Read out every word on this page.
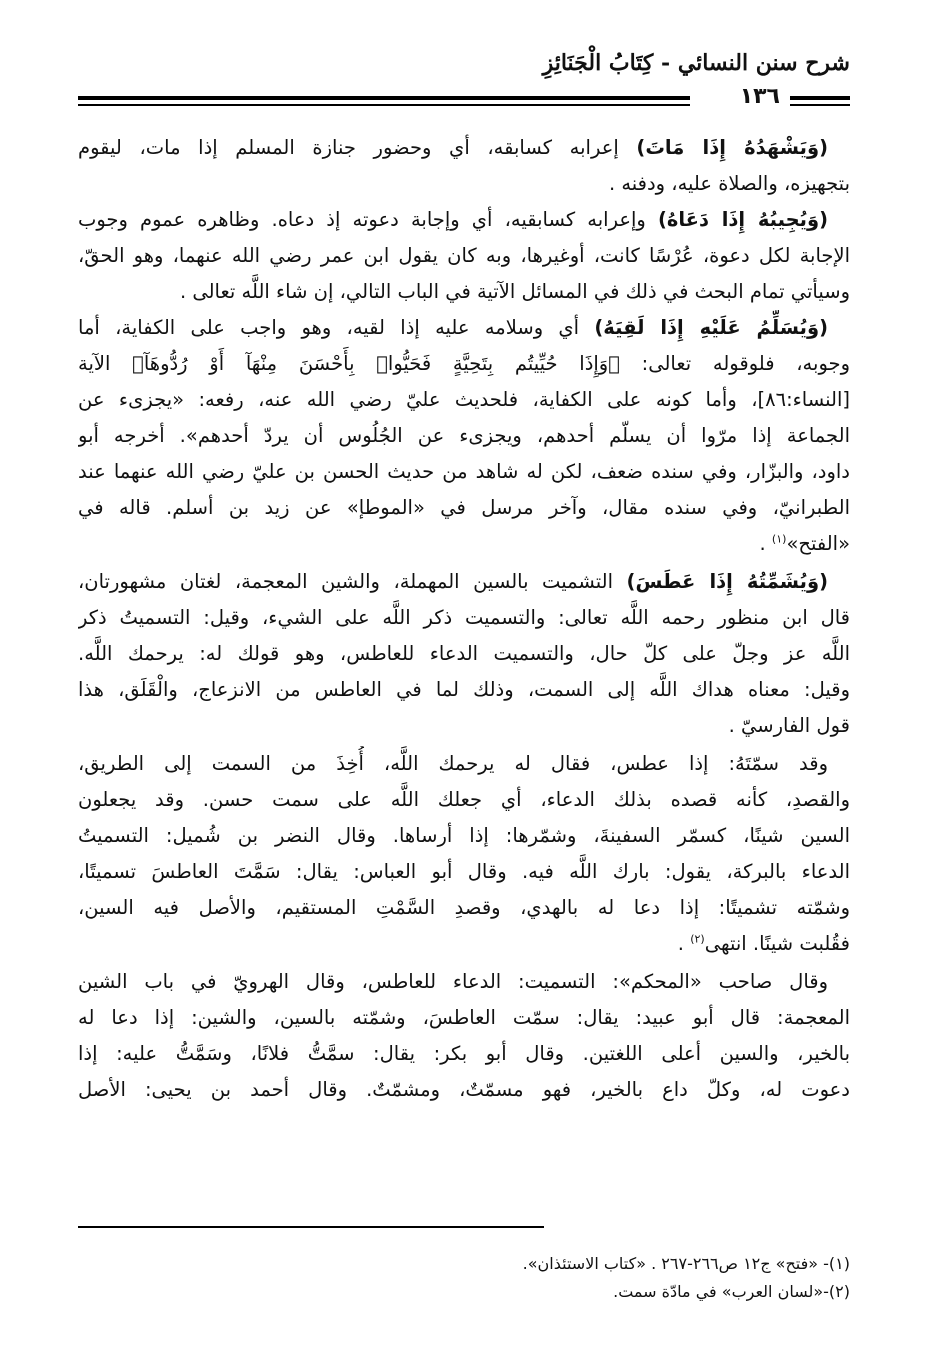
شرح سنن النسائي - كِتَابُ الْجَنَائِزِ
١٣٦
(وَيَشْهَدُهُ إِذَا مَاتَ) إعرابه كسابقه، أي وحضور جنازة المسلم إذا مات، ليقوم
بتجهيزه، والصلاة عليه، ودفنه .
(وَيُجِيبُهُ إِذَا دَعَاهُ) وإعرابه كسابقيه، أي وإجابة دعوته إذ دعاه. وظاهره عموم وجوب
الإجابة لكل دعوة، عُرْسًا كانت، أوغيرها، وبه كان يقول ابن عمر رضي الله عنهما، وهو الحقّ،
وسيأتي تمام البحث في ذلك في المسائل الآتية في الباب التالي، إن شاء اللَّه تعالى .
(وَيُسَلِّمُ عَلَيْهِ إِذَا لَقِيَهُ) أي وسلامه عليه إذا لقيه، وهو واجب على الكفاية، أما
وجوبه، فلوقوله تعالى: ﴿وَإِذَا حُيِّيتُم بِتَحِيَّةٍ فَحَيُّوا۟ بِأَحْسَنَ مِنْهَآ أَوْ رُدُّوهَآ﴾ الآية
[النساء:٨٦]، وأما كونه على الكفاية، فلحديث عليّ رضي الله عنه، رفعه: «يجزىء عن
الجماعة إذا مرّوا أن يسلّم أحدهم، ويجزىء عن الجُلُوس أن يردّ أحدهم». أخرجه أبو
داود، والبزّار، وفي سنده ضعف، لكن له شاهد من حديث الحسن بن عليّ رضي الله عنهما عند
الطبرانيّ، وفي سنده مقال، وآخر مرسل في «الموطإ» عن زيد بن أسلم. قاله في
«الفتح»$^{(١)}$ .
(وَيُشَمِّتُهُ إِذَا عَطَسَ) التشميت بالسين المهملة، والشين المعجمة، لغتان مشهورتان،
قال ابن منظور رحمه اللَّه تعالى: والتسميت ذكر اللَّه على الشيء، وقيل: التسميتُ ذكر
اللَّه عز وجلّ على كلّ حال، والتسميت الدعاء للعاطس، وهو قولك له: يرحمك اللَّه.
وقيل: معناه هداك اللَّه إلى السمت، وذلك لما في العاطس من الانزعاج، والْقَلَق، هذا
قول الفارسيّ .
وقد سمّتَهُ: إذا عطس، فقال له يرحمك اللَّه، أُخِذَ من السمت إلى الطريق،
والقصدِ، كأنه قصده بذلك الدعاء، أي جعلك اللَّه على سمت حسن. وقد يجعلون
السين شينًا، كسمّر السفينةَ، وشمّرها: إذا أرساها. وقال النضر بن شُميل: التسميتُ
الدعاء بالبركة، يقول: بارك اللَّه فيه. وقال أبو العباس: يقال: سَمَّتَ العاطسَ تسميتًا،
وشمّته تشميتًا: إذا دعا له بالهدي، وقصدِ السَّمْتِ المستقيم، والأصل فيه السين،
فقُلبت شينًا. انتهى$^{(٢)}$ .
وقال صاحب «المحكم»: التسميت: الدعاء للعاطس، وقال الهرويّ في باب الشين
المعجمة: قال أبو عبيد: يقال: سمّت العاطسَ، وشمّته بالسين، والشين: إذا دعا له
بالخير، والسين أعلى اللغتين. وقال أبو بكر: يقال: سمَّتُّ فلانًا، وسَمَّتُّ عليه: إذا
دعوت له، وكلّ داع بالخير، فهو مسمّتٌ، ومشمّتٌ. وقال أحمد بن يحيى: الأصل
(١)- «فتح» ج١٢ ص٢٦٦-٢٦٧ . «كتاب الاستئذان».
(٢)-«لسان العرب» في مادّة سمت.
